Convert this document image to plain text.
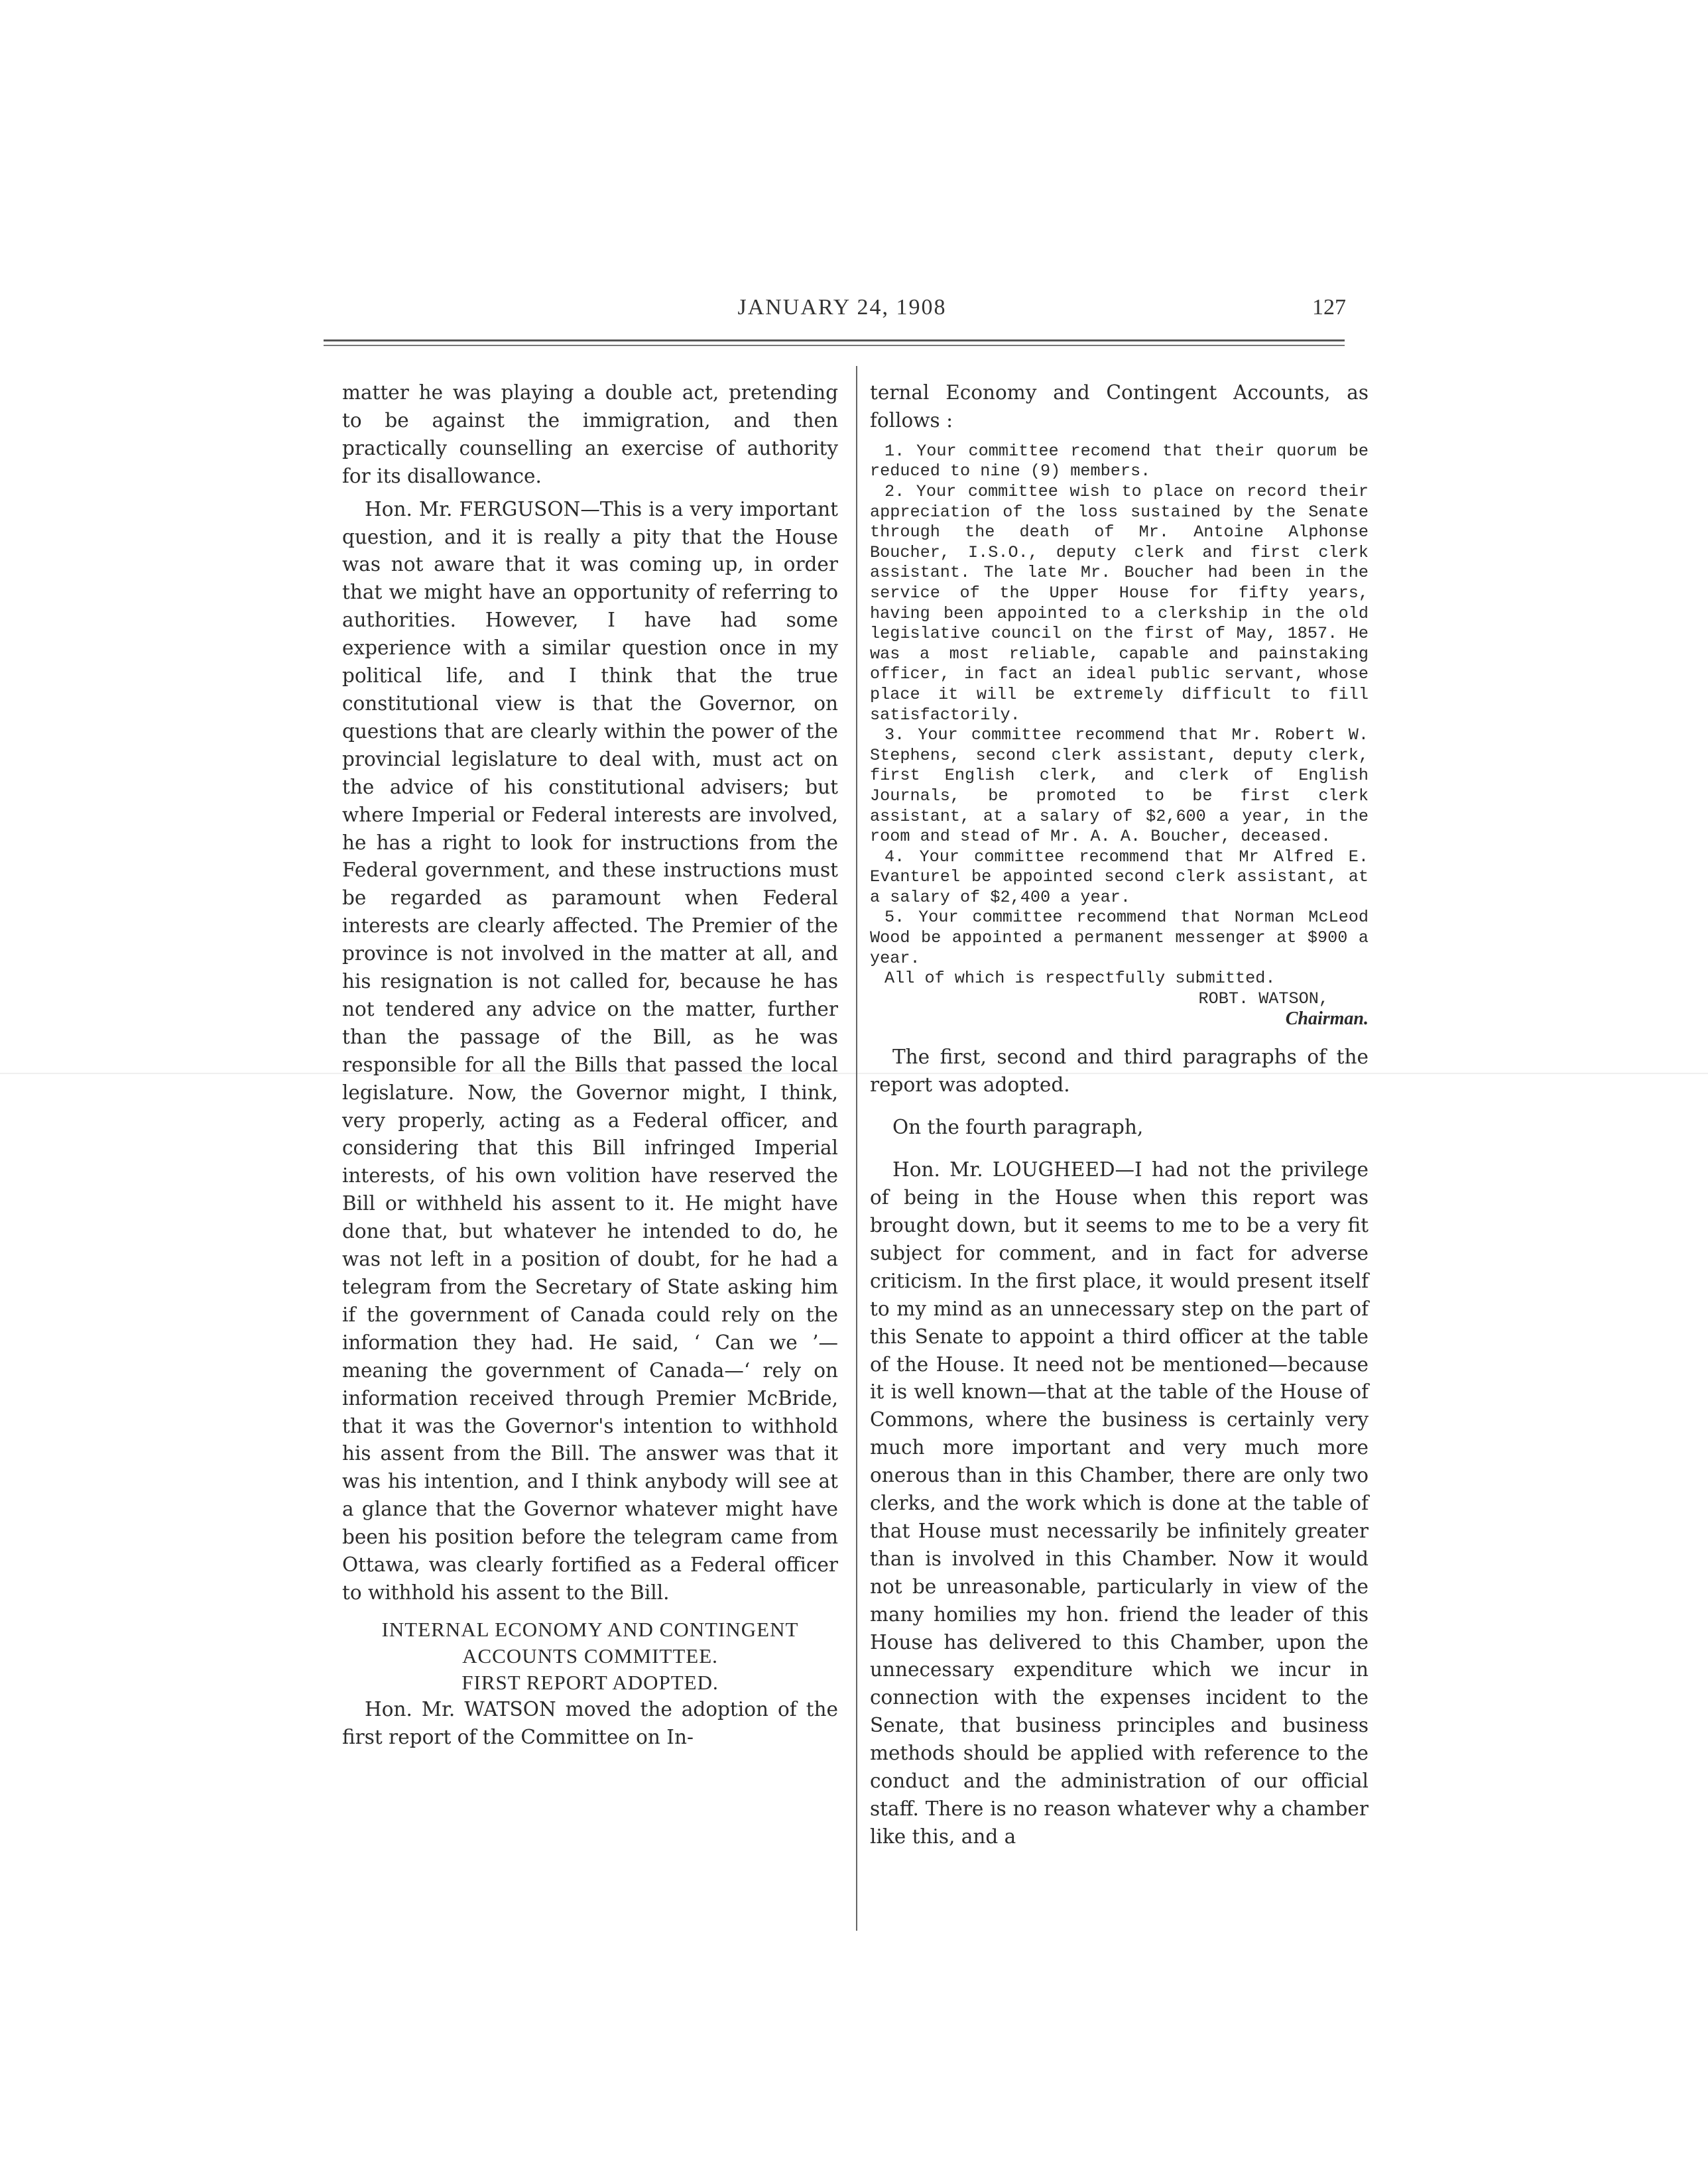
JANUARY 24, 1908	127

matter he was playing a double act, pretending to be against the immigration, and then practically counselling an exercise of authority for its disallowance.

Hon. Mr. FERGUSON—This is a very important question, and it is really a pity that the House was not aware that it was coming up, in order that we might have an opportunity of referring to authorities. However, I have had some experience with a similar question once in my political life, and I think that the true constitutional view is that the Governor, on questions that are clearly within the power of the provincial legislature to deal with, must act on the advice of his constitutional advisers; but where Imperial or Federal interests are involved, he has a right to look for instructions from the Federal government, and these instructions must be regarded as paramount when Federal interests are clearly affected. The Premier of the province is not involved in the matter at all, and his resignation is not called for, because he has not tendered any advice on the matter, further than the passage of the Bill, as he was responsible for all the Bills that passed the local legislature. Now, the Governor might, I think, very properly, acting as a Federal officer, and considering that this Bill infringed Imperial interests, of his own volition have reserved the Bill or withheld his assent to it. He might have done that, but whatever he intended to do, he was not left in a position of doubt, for he had a telegram from the Secretary of State asking him if the government of Canada could rely on the information they had. He said, ‘ Can we ’—meaning the government of Canada—‘ rely on information received through Premier McBride, that it was the Governor's intention to withhold his assent from the Bill. The answer was that it was his intention, and I think anybody will see at a glance that the Governor whatever might have been his position before the telegram came from Ottawa, was clearly fortified as a Federal officer to withhold his assent to the Bill.

INTERNAL ECONOMY AND CONTINGENT ACCOUNTS COMMITTEE.

FIRST REPORT ADOPTED.

Hon. Mr. WATSON moved the adoption of the first report of the Committee on In-

ternal Economy and Contingent Accounts, as follows :

1. Your committee recomend that their quorum be reduced to nine (9) members.

2. Your committee wish to place on record their appreciation of the loss sustained by the Senate through the death of Mr. Antoine Alphonse Boucher, I.S.O., deputy clerk and first clerk assistant. The late Mr. Boucher had been in the service of the Upper House for fifty years, having been appointed to a clerkship in the old legislative council on the first of May, 1857. He was a most reliable, capable and painstaking officer, in fact an ideal public servant, whose place it will be extremely difficult to fill satisfactorily.

3. Your committee recommend that Mr. Robert W. Stephens, second clerk assistant, deputy clerk, first English clerk, and clerk of English Journals, be promoted to be first clerk assistant, at a salary of $2,600 a year, in the room and stead of Mr. A. A. Boucher, deceased.

4. Your committee recommend that Mr Alfred E. Evanturel be appointed second clerk assistant, at a salary of $2,400 a year.

5. Your committee recommend that Norman McLeod Wood be appointed a permanent messenger at $900 a year.

All of which is respectfully submitted.

ROBT. WATSON,

Chairman.

The first, second and third paragraphs of the report was adopted.

On the fourth paragraph,

Hon. Mr. LOUGHEED—I had not the privilege of being in the House when this report was brought down, but it seems to me to be a very fit subject for comment, and in fact for adverse criticism. In the first place, it would present itself to my mind as an unnecessary step on the part of this Senate to appoint a third officer at the table of the House. It need not be mentioned—because it is well known—that at the table of the House of Commons, where the business is certainly very much more important and very much more onerous than in this Chamber, there are only two clerks, and the work which is done at the table of that House must necessarily be infinitely greater than is involved in this Chamber. Now it would not be unreasonable, particularly in view of the many homilies my hon. friend the leader of this House has delivered to this Chamber, upon the unnecessary expenditure which we incur in connection with the expenses incident to the Senate, that business principles and business methods should be applied with reference to the conduct and the administration of our official staff. There is no reason whatever why a chamber like this, and a
